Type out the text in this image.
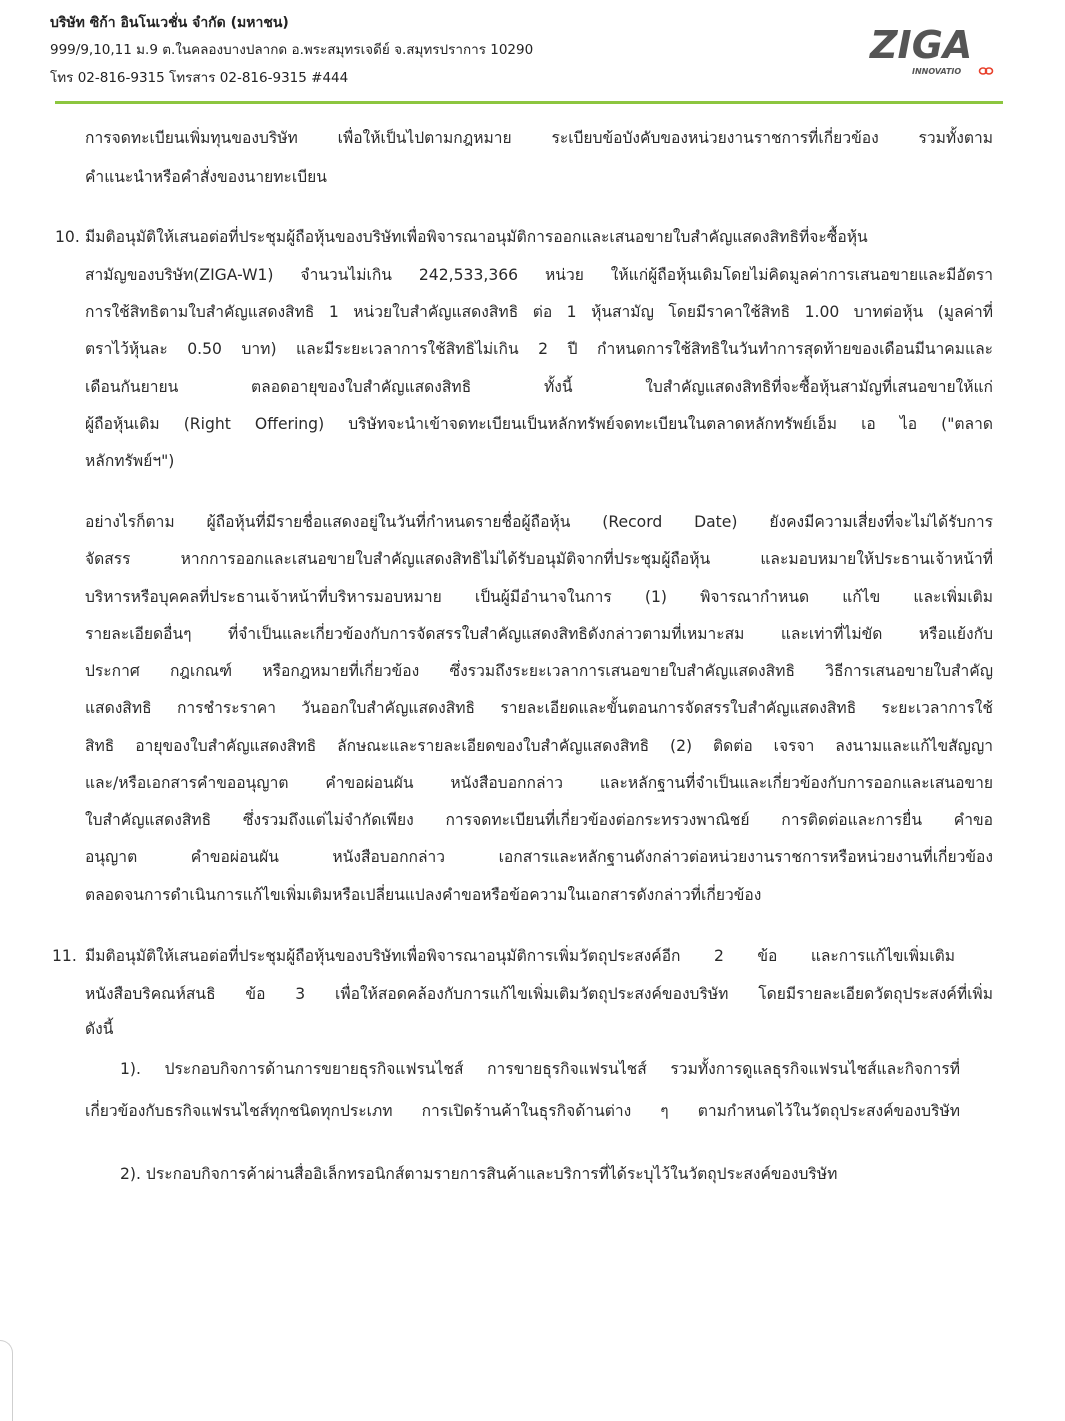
บริษัท ซิก้า อินโนเวชั่น จำกัด (มหาชน)
999/9,10,11 ม.9 ต.ในคลองบางปลากด อ.พระสมุทรเจดีย์ จ.สมุทรปราการ 10290
โทร 02-816-9315 โทรสาร 02-816-9315 #444
ZIGA
INNOVATIO
การจดทะเบียนเพิ่มทุนของบริษัท เพื่อให้เป็นไปตามกฎหมาย ระเบียบข้อบังคับของหน่วยงานราชการที่เกี่ยวข้อง รวมทั้งตาม
คำแนะนำหรือคำสั่งของนายทะเบียน
10. มีมติอนุมัติให้เสนอต่อที่ประชุมผู้ถือหุ้นของบริษัทเพื่อพิจารณาอนุมัติการออกและเสนอขายใบสำคัญแสดงสิทธิที่จะซื้อหุ้น
สามัญของบริษัท(ZIGA-W1) จำนวนไม่เกิน 242,533,366 หน่วย ให้แก่ผู้ถือหุ้นเดิมโดยไม่คิดมูลค่าการเสนอขายและมีอัตรา
การใช้สิทธิตามใบสำคัญแสดงสิทธิ 1 หน่วยใบสำคัญแสดงสิทธิ ต่อ 1 หุ้นสามัญ โดยมีราคาใช้สิทธิ 1.00 บาทต่อหุ้น (มูลค่าที่
ตราไว้หุ้นละ 0.50 บาท) และมีระยะเวลาการใช้สิทธิไม่เกิน 2 ปี กำหนดการใช้สิทธิในวันทำการสุดท้ายของเดือนมีนาคมและ
เดือนกันยายน ตลอดอายุของใบสำคัญแสดงสิทธิ ทั้งนี้ ใบสำคัญแสดงสิทธิที่จะซื้อหุ้นสามัญที่เสนอขายให้แก่
ผู้ถือหุ้นเดิม (Right Offering) บริษัทจะนำเข้าจดทะเบียนเป็นหลักทรัพย์จดทะเบียนในตลาดหลักทรัพย์เอ็ม เอ ไอ ("ตลาด
หลักทรัพย์ฯ")
อย่างไรก็ตาม ผู้ถือหุ้นที่มีรายชื่อแสดงอยู่ในวันที่กำหนดรายชื่อผู้ถือหุ้น (Record Date) ยังคงมีความเสี่ยงที่จะไม่ได้รับการ
จัดสรร หากการออกและเสนอขายใบสำคัญแสดงสิทธิไม่ได้รับอนุมัติจากที่ประชุมผู้ถือหุ้น และมอบหมายให้ประธานเจ้าหน้าที่
บริหารหรือบุคคลที่ประธานเจ้าหน้าที่บริหารมอบหมาย เป็นผู้มีอำนาจในการ (1) พิจารณากำหนด แก้ไข และเพิ่มเติม
รายละเอียดอื่นๆ ที่จำเป็นและเกี่ยวข้องกับการจัดสรรใบสำคัญแสดงสิทธิดังกล่าวตามที่เหมาะสม และเท่าที่ไม่ขัด หรือแย้งกับ
ประกาศ กฎเกณฑ์ หรือกฎหมายที่เกี่ยวข้อง ซึ่งรวมถึงระยะเวลาการเสนอขายใบสำคัญแสดงสิทธิ วิธีการเสนอขายใบสำคัญ
แสดงสิทธิ การชำระราคา วันออกใบสำคัญแสดงสิทธิ รายละเอียดและขั้นตอนการจัดสรรใบสำคัญแสดงสิทธิ ระยะเวลาการใช้
สิทธิ อายุของใบสำคัญแสดงสิทธิ ลักษณะและรายละเอียดของใบสำคัญแสดงสิทธิ (2) ติดต่อ เจรจา ลงนามและแก้ไขสัญญา
และ/หรือเอกสารคำขออนุญาต คำขอผ่อนผัน หนังสือบอกกล่าว และหลักฐานที่จำเป็นและเกี่ยวข้องกับการออกและเสนอขาย
ใบสำคัญแสดงสิทธิ ซึ่งรวมถึงแต่ไม่จำกัดเพียง การจดทะเบียนที่เกี่ยวข้องต่อกระทรวงพาณิชย์ การติดต่อและการยื่น คำขอ
อนุญาต คำขอผ่อนผัน หนังสือบอกกล่าว เอกสารและหลักฐานดังกล่าวต่อหน่วยงานราชการหรือหน่วยงานที่เกี่ยวข้อง
ตลอดจนการดำเนินการแก้ไขเพิ่มเติมหรือเปลี่ยนแปลงคำขอหรือข้อความในเอกสารดังกล่าวที่เกี่ยวข้อง
11. มีมติอนุมัติให้เสนอต่อที่ประชุมผู้ถือหุ้นของบริษัทเพื่อพิจารณาอนุมัติการเพิ่มวัตถุประสงค์อีก 2 ข้อ และการแก้ไขเพิ่มเติม
หนังสือบริคณห์สนธิ ข้อ 3 เพื่อให้สอดคล้องกับการแก้ไขเพิ่มเติมวัตถุประสงค์ของบริษัท โดยมีรายละเอียดวัตถุประสงค์ที่เพิ่ม
ดังนี้
1). ประกอบกิจการด้านการขยายธุรกิจแฟรนไชส์ การขายธุรกิจแฟรนไชส์ รวมทั้งการดูแลธุรกิจแฟรนไชส์และกิจการที่
เกี่ยวข้องกับธรกิจแฟรนไชส์ทุกชนิดทุกประเภท การเปิดร้านค้าในธุรกิจด้านต่าง ๆ ตามกำหนดไว้ในวัตถุประสงค์ของบริษัท
2). ประกอบกิจการค้าผ่านสื่ออิเล็กทรอนิกส์ตามรายการสินค้าและบริการที่ได้ระบุไว้ในวัตถุประสงค์ของบริษัท
